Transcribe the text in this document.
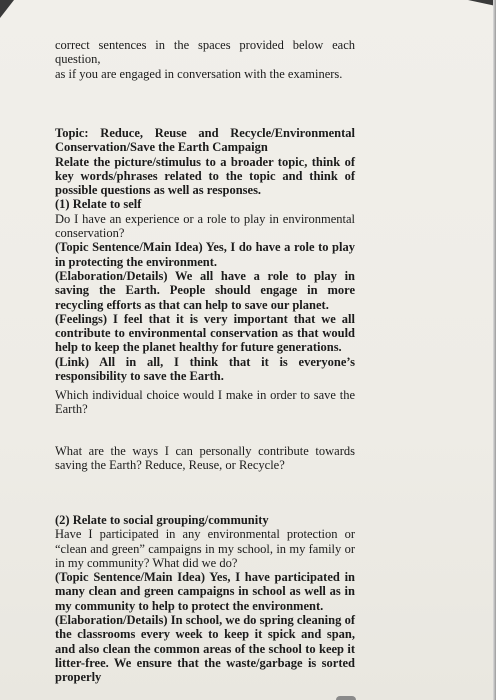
correct sentences in the spaces provided below each question,

as if you are engaged in conversation with the examiners.

Topic: Reduce, Reuse and Recycle/Environmental Conservation/Save the Earth Campaign

Relate the picture/stimulus to a broader topic, think of key words/phrases related to the topic and think of possible questions as well as responses.

(1) Relate to self

Do I have an experience or a role to play in environmental conservation?

(Topic Sentence/Main Idea) Yes, I do have a role to play in protecting the environment.

(Elaboration/Details) We all have a role to play in saving the Earth. People should engage in more recycling efforts as that can help to save our planet.

(Feelings) I feel that it is very important that we all contribute to environmental conservation as that would help to keep the planet healthy for future generations.

(Link) All in all, I think that it is everyone’s responsibility to save the Earth.

Which individual choice would I make in order to save the Earth?
What are the ways I can personally contribute towards saving the Earth? Reduce, Reuse, or Recycle?

(2) Relate to social grouping/community

Have I participated in any environmental protection or “clean and green” campaigns in my school, in my family or in my community? What did we do?

(Topic Sentence/Main Idea) Yes, I have participated in many clean and green campaigns in school as well as in my community to help to protect the environment.

(Elaboration/Details) In school, we do spring cleaning of the classrooms every week to keep it spick and span, and also clean the common areas of the school to keep it litter-free. We ensure that the waste/garbage is sorted properly
